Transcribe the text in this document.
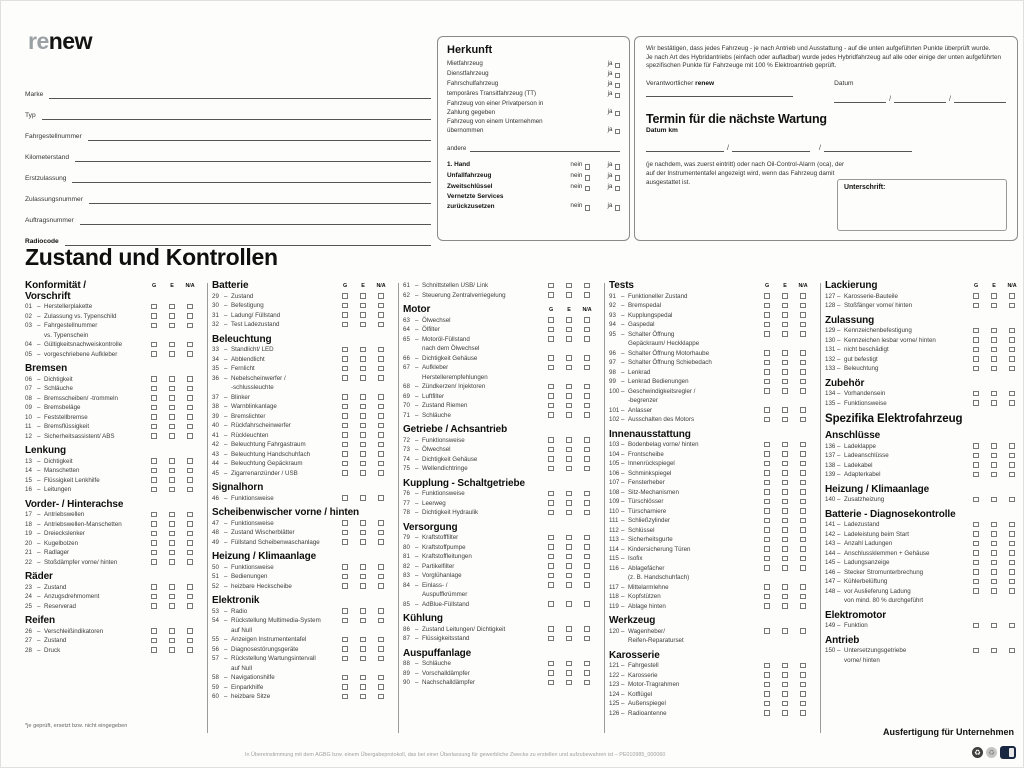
renew
Marke
Typ
Fahrgestellnummer
Kilometerstand
Erstzulassung
Zulassungsnummer
Auftragsnummer
Radiocode
Herkunft
Mietfahrzeug	ja
Dienstfahrzeug	ja
Fahrschulfahrzeug	ja
temporäres Transitfahrzeug (TT)	ja
Fahrzeug von einer Privatperson in
Zahlung gegeben	ja
Fahrzeug von einem Unternehmen
übernommen	ja
andere
1. Hand	nein	ja
Unfallfahrzeug	nein	ja
Zweitschlüssel	nein	ja
Vernetzte Services
zurückzusetzen	nein	ja
Wir bestätigen, dass jedes Fahrzeug - je nach Antrieb und Ausstattung - auf die unten aufgeführten Punkte überprüft wurde.
Je nach Art des Hybridantriebs (einfach oder aufladbar) wurde jedes Hybridfahrzeug auf alle oder einige der unten aufgeführten spezifischen Punkte für Fahrzeuge mit 100 % Elektroantrieb geprüft.
Verantwortlicher renew	Datum
/	/
Termin für die nächste Wartung
Datum km
/	/
(je nachdem, was zuerst eintritt) oder nach Oil-Control-Alarm (oca), der auf der Instrumententafel angezeigt wird, wenn das Fahrzeug damit ausgestattet ist.
Unterschrift:
Zustand und Kontrollen
Konformität /	G	E	N/A
Vorschrift
01 – Herstellerplakette
02 – Zulassung vs. Typenschild
03 – Fahrgestellnummer
vs. Typenschein
04 – Gültigkeitsnachweiskontrolle
05 – vorgeschriebene Aufkleber
Bremsen
06 – Dichtigkeit
07 – Schläuche
08 – Bremsscheiben/ -trommeln
09 – Bremsbeläge
10 – Feststellbremse
11 – Bremsflüssigkeit
12 – Sicherheitsassistent/ ABS
Lenkung
13 – Dichtigkeit
14 – Manschetten
15 – Flüssigkeit Lenkhilfe
16 – Leitungen
Vorder- / Hinterachse
17 – Antriebswellen
18 – Antriebswellen-Manschetten
19 – Dreieckslenker
20 – Kugelbolzen
21 – Radlager
22 – Stoßdämpfer vorne/ hinten
Räder
23 – Zustand
24 – Anzugsdrehmoment
25 – Reserverad
Reifen
26 – Verschleißindikatoren
27 – Zustand
28 – Druck
Batterie	G	E	N/A
29 – Zustand
30 – Befestigung
31 – Ladung/ Füllstand
32 – Test Ladezustand
Beleuchtung
33 – Standlicht/ LED
34 – Abblendlicht
35 – Fernlicht
36 – Nebelscheinwerfer /
-schlussleuchte
37 – Blinker
38 – Warnblinkanlage
39 – Bremslichter
40 – Rückfahrscheinwerfer
41 – Rückleuchten
42 – Beleuchtung Fahrgastraum
43 – Beleuchtung Handschuhfach
44 – Beleuchtung Gepäckraum
45 – Zigarrenanzünder / USB
Signalhorn
46 – Funktionsweise
Scheibenwischer vorne / hinten
47 – Funktionsweise
48 – Zustand Wischerblätter
49 – Füllstand Scheibenwaschanlage
Heizung / Klimaanlage
50 – Funktionsweise
51 – Bedienungen
52 – heizbare Heckscheibe
Elektronik
53 – Radio
54 – Rückstellung Multimedia-System
auf Null
55 – Anzeigen Instrumententafel
56 – Diagnosestörungsgeräte
57 – Rückstellung Wartungsintervall
auf Null
58 – Navigationshilfe
59 – Einparkhilfe
60 – heizbare Sitze
61 – Schnittstellen USB/ Link
62 – Steuerung Zentralverriegelung
Motor	G	E	N/A
63 – Ölwechsel
64 – Ölfilter
65 – Motoröl-Füllstand
nach dem Ölwechsel
66 – Dichtigkeit Gehäuse
67 – Aufkleber
Herstellerempfehlungen
68 – Zündkerzen/ Injektoren
69 – Luftfilter
70 – Zustand Riemen
71 – Schläuche
Getriebe / Achsantrieb
72 – Funktionsweise
73 – Ölwechsel
74 – Dichtigkeit Gehäuse
75 – Wellendichtringe
Kupplung - Schaltgetriebe
76 – Funktionsweise
77 – Leerweg
78 – Dichtigkeit Hydraulik
Versorgung
79 – Kraftstofffilter
80 – Kraftstoffpumpe
81 – Kraftstoffleitungen
82 – Partikelfilter
83 – Vorglühanlage
84 – Einlass- /
Auspuffkrümmer
85 – AdBlue-Füllstand
Kühlung
86 – Zustand Leitungen/ Dichtigkeit
87 – Flüssigkeitsstand
Auspuffanlage
88 – Schläuche
89 – Vorschalldämpfer
90 – Nachschalldämpfer
Tests	G	E	N/A
91 – Funktioneller Zustand
92 – Bremspedal
93 – Kupplungspedal
94 – Gaspedal
95 – Schalter Öffnung
Gepäckraum/ Heckklappe
96 – Schalter Öffnung Motorhaube
97 – Schalter Öffnung Schiebedach
98 – Lenkrad
99 – Lenkrad Bedienungen
100 – Geschwindigkeitsregler /
-begrenzer
101 – Anlasser
102 – Ausschalten des Motors
Innenausstattung
103 – Bodenbelag vorne/ hinten
104 – Frontscheibe
105 – Innenrückspiegel
106 – Schminkspiegel
107 – Fensterheber
108 – Sitz-Mechanismen
109 – Türschlösser
110 – Türscharniere
111 – Schließzylinder
112 – Schlüssel
113 – Sicherheitsgurte
114 – Kindersicherung Türen
115 – Isofix
116 – Ablagefächer
(z. B. Handschuhfach)
117 – Mittelarmlehne
118 – Kopfstützen
119 – Ablage hinten
Werkzeug
120 – Wagenheber/
Reifen-Reparaturset
Karosserie
121 – Fahrgestell
122 – Karosserie
123 – Motor-Tragrahmen
124 – Kotflügel
125 – Außenspiegel
126 – Radioantenne
Lackierung	G	E	N/A
127 – Karosserie-Bauteile
128 – Stoßfänger vorne/ hinten
Zulassung
129 – Kennzeichenbefestigung
130 – Kennzeichen lesbar vorne/ hinten
131 – nicht beschädigt
132 – gut befestigt
133 – Beleuchtung
Zubehör
134 – Vorhandensein
135 – Funktionsweise
Spezifika Elektrofahrzeug
Anschlüsse
136 – Ladeklappe
137 – Ladeanschlüsse
138 – Ladekabel
139 – Adapterkabel
Heizung / Klimaanlage
140 – Zusatzheizung
Batterie - Diagnosekontrolle
141 – Ladezustand
142 – Ladeleistung beim Start
143 – Anzahl Ladungen
144 – Anschlussklemmen + Gehäuse
145 – Ladungsanzeige
146 – Stecker Stromunterbrechung
147 – Kühlerbelüftung
148 – vor Auslieferung Ladung
von mind. 80 % durchgeführt
Elektromotor
149 – Funktion
Antrieb
150 – Untersetzungsgetriebe
vorne/ hinten
*je geprüft, ersetzt bzw. nicht eingegeben
Ausfertigung für Unternehmen
In Übereinstimmung mit dem AGBG bzw. einem Übergabeprotokoll, das bei einer Überlassung für gewerbliche Zwecke zu erstellen und aufzubewahren ist – PE010985_000060	♻ ♻
